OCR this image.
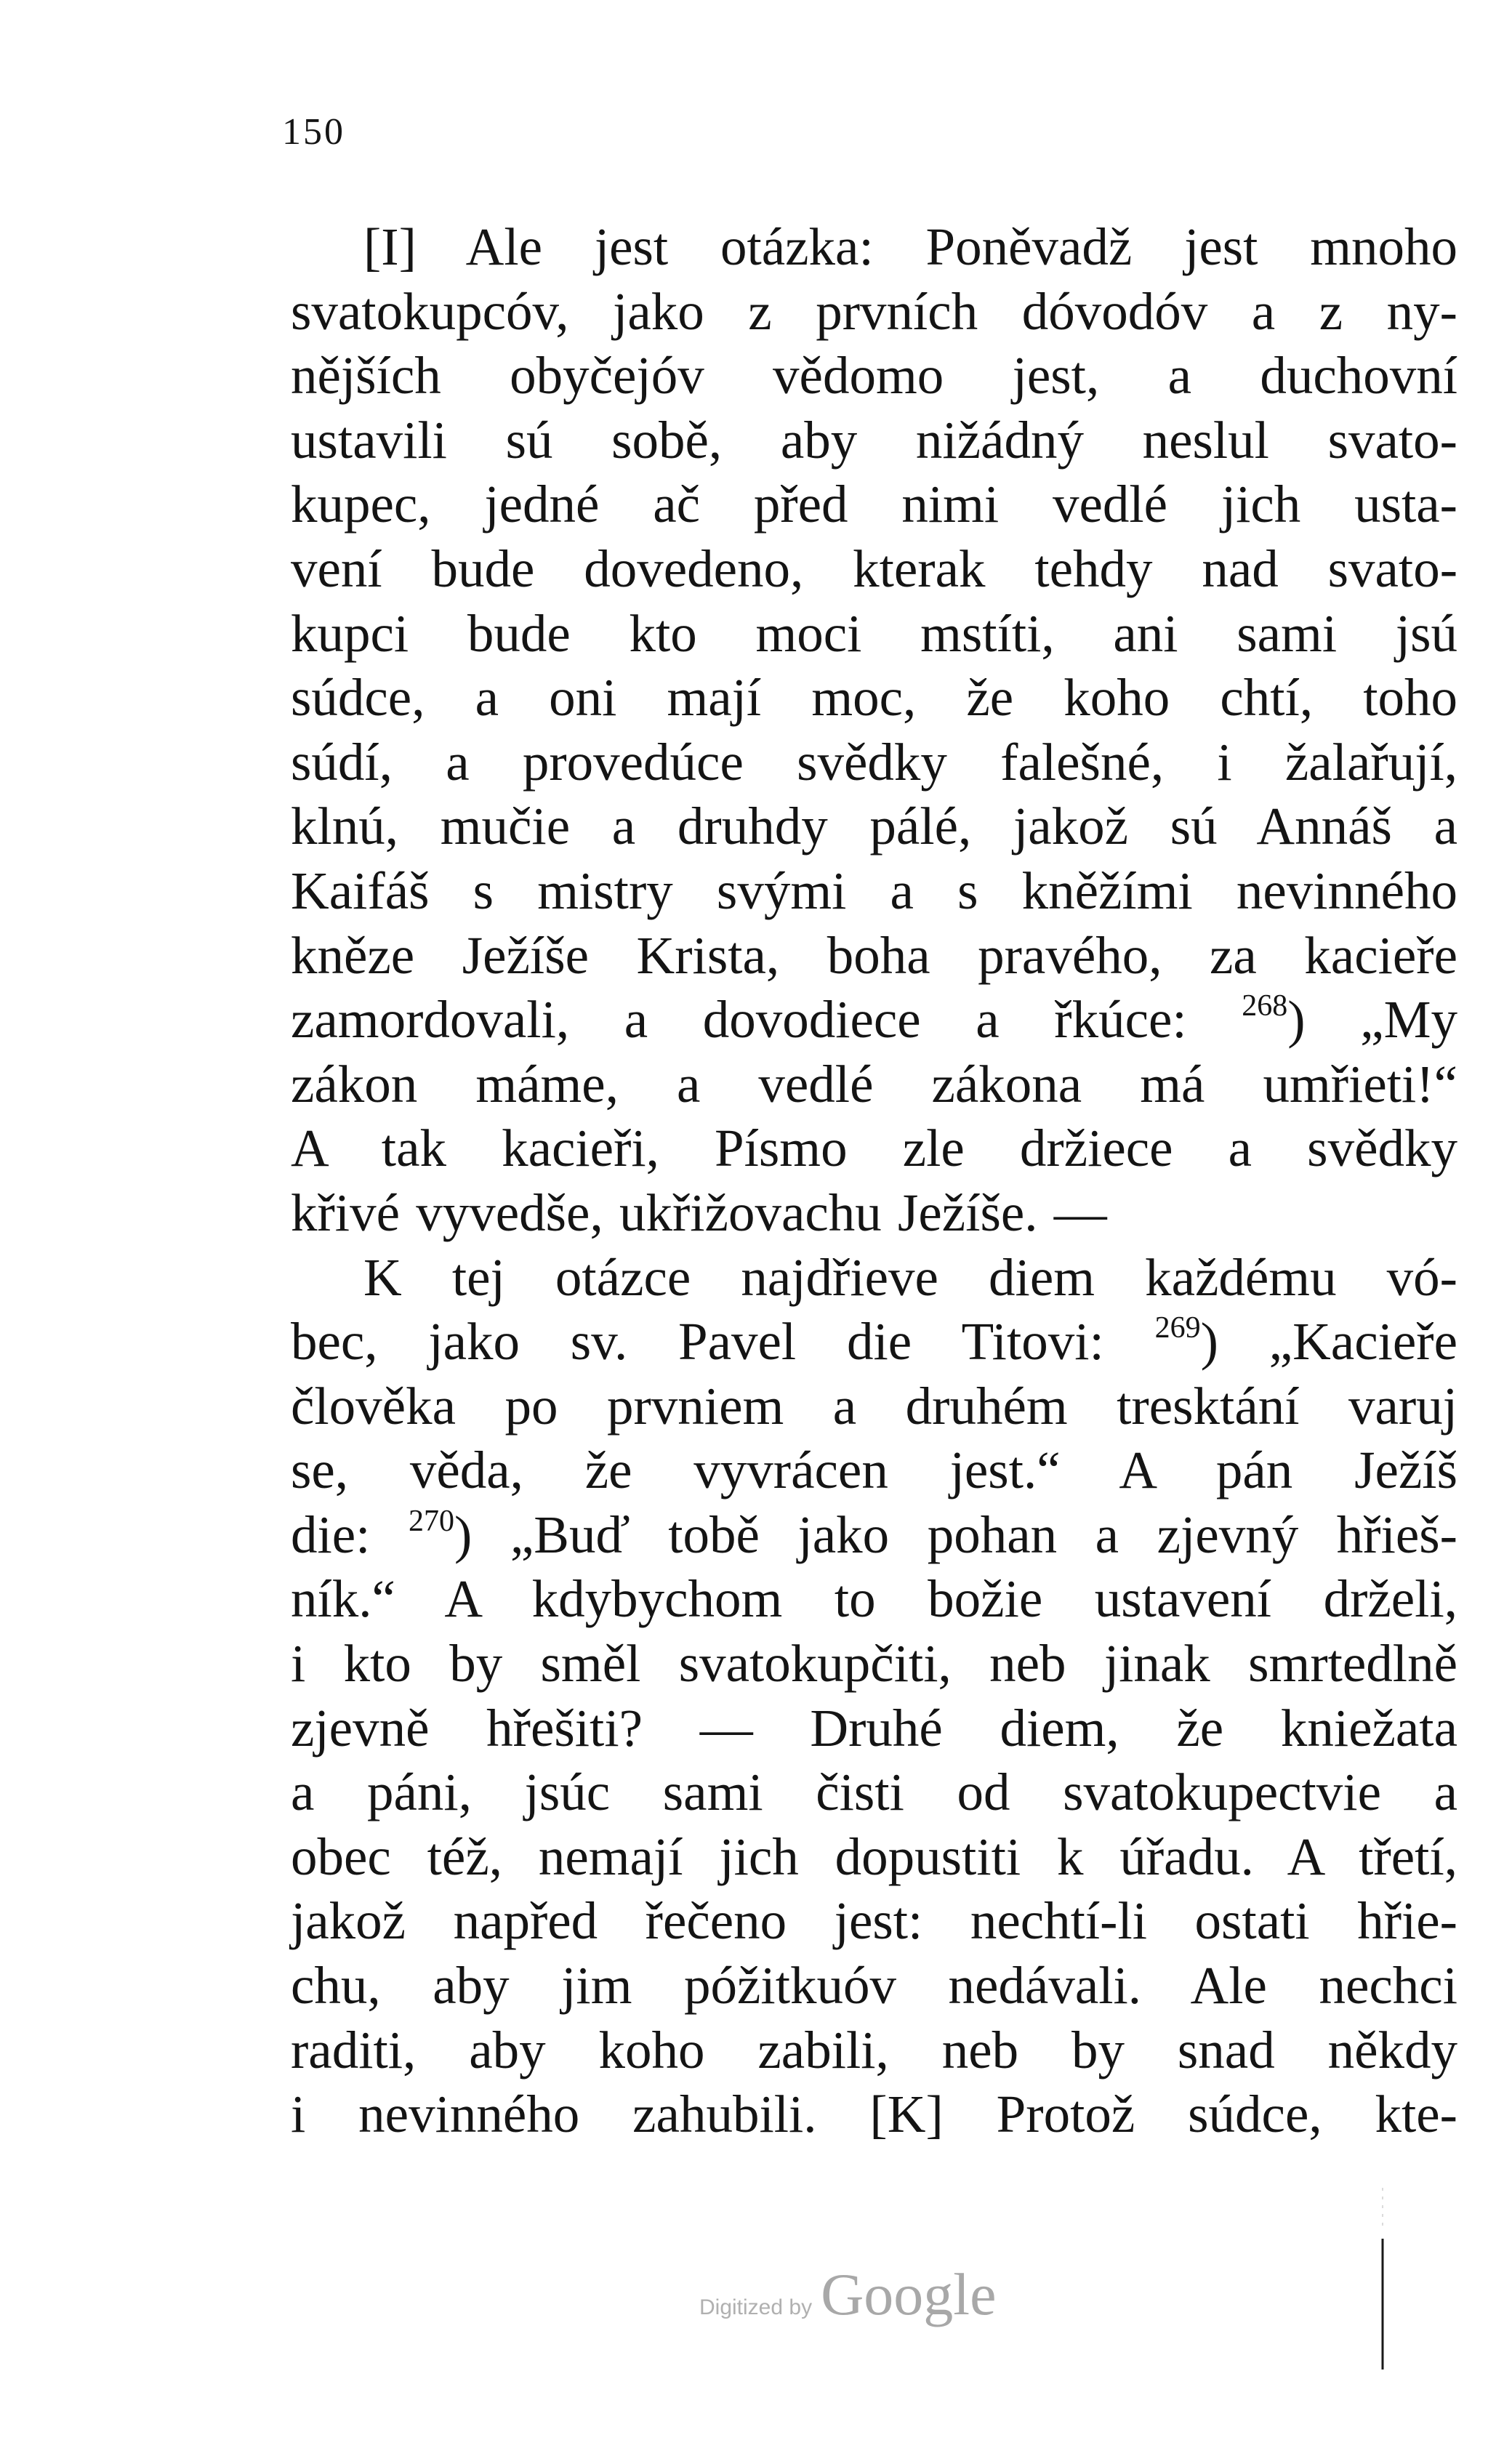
150
[I] Ale jest otázka: Poněvadž jest mnoho
svatokupcóv, jako z prvních dóvodóv a z ny-
nějších obyčejóv vědomo jest, a duchovní
ustavili sú sobě, aby nižádný neslul svato-
kupec, jedné ač před nimi vedlé jich usta-
vení bude dovedeno, kterak tehdy nad svato-
kupci bude kto moci mstíti, ani sami jsú
súdce, a oni mají moc, že koho chtí, toho
súdí, a provedúce svědky falešné, i žalařují,
klnú, mučie a druhdy pálé, jakož sú Annáš a
Kaifáš s mistry svými a s kněžími nevinného
kněze Ježíše Krista, boha pravého, za kacieře
zamordovali, a dovodiece a řkúce: $^{268}$) „My
zákon máme, a vedlé zákona má umřieti!“
A tak kacieři, Písmo zle držiece a svědky
křivé vyvedše, ukřižovachu Ježíše. —
K tej otázce najdřieve diem každému vó-
bec, jako sv. Pavel die Titovi: $^{269}$) „Kacieře
člověka po prvniem a druhém tresktání varuj
se, věda, že vyvrácen jest.“ A pán Ježíš
die: $^{270}$) „Buď tobě jako pohan a zjevný hřieš-
ník.“ A kdybychom to božie ustavení drželi,
i kto by směl svatokupčiti, neb jinak smrtedlně
zjevně hřešiti? — Druhé diem, že kniežata
a páni, jsúc sami čisti od svatokupectvie a
obec též, nemají jich dopustiti k úřadu. A třetí,
jakož napřed řečeno jest: nechtí-li ostati hřie-
chu, aby jim póžitkuóv nedávali. Ale nechci
raditi, aby koho zabili, neb by snad někdy
i nevinného zahubili. [K] Protož súdce, kte-
Digitized by Google
